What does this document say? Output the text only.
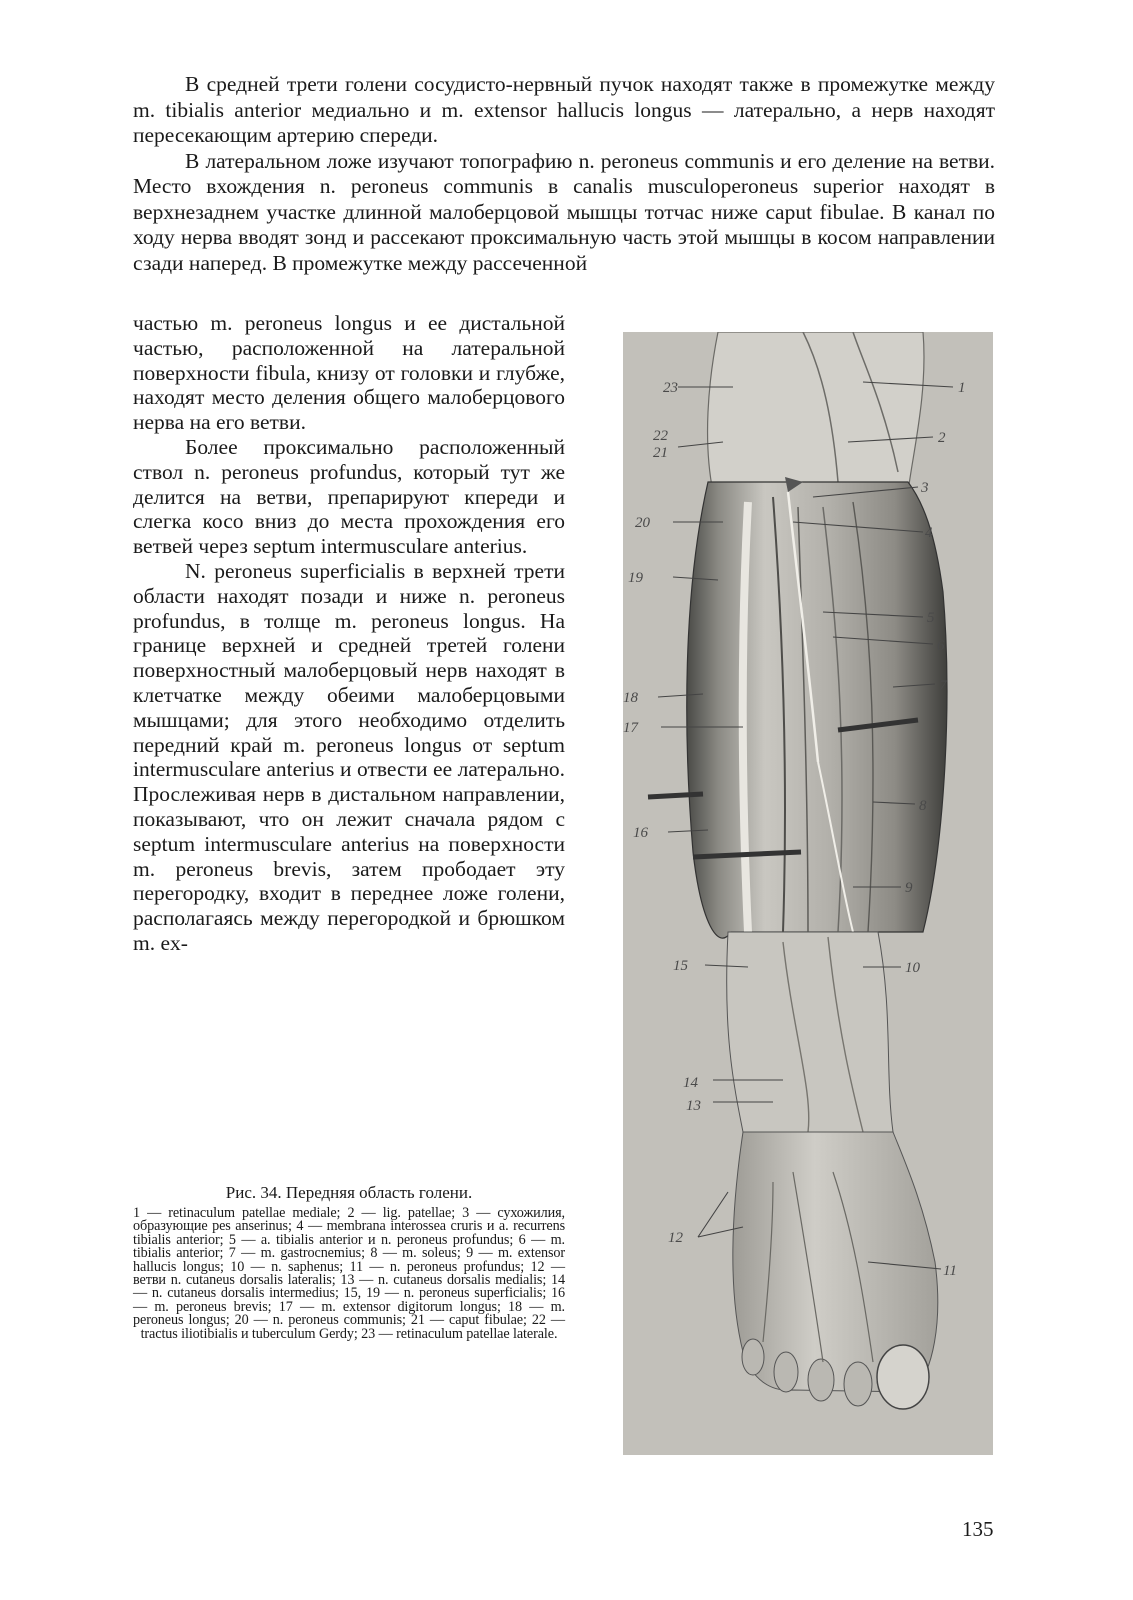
В средней трети голени сосудисто-нервный пучок находят также в промежутке между m. tibialis anterior медиально и m. extensor hallucis longus — латерально, а нерв находят пересекающим артерию спереди.

В латеральном ложе изучают топографию n. peroneus communis и его деление на ветви. Место вхождения n. peroneus communis в canalis musculoperoneus superior находят в верхнезаднем участке длинной малоберцовой мышцы тотчас ниже caput fibulae. В канал по ходу нерва вводят зонд и рассекают проксимальную часть этой мышцы в косом направлении сзади наперед. В промежутке между рассеченной

частью m. peroneus longus и ее дистальной частью, расположенной на латеральной поверхности fibula, книзу от головки и глубже, находят место деления общего малоберцового нерва на его ветви.

Более проксимально расположенный ствол n. peroneus profundus, который тут же делится на ветви, препарируют кпереди и слегка косо вниз до места прохождения его ветвей через septum intermusculare anterius.

N. peroneus superficialis в верхней трети области находят позади и ниже n. peroneus profundus, в толще m. peroneus longus. На границе верхней и средней третей голени поверхностный малоберцовый нерв находят в клетчатке между обеими малоберцовыми мышцами; для этого необходимо отделить передний край m. peroneus longus от septum intermusculare anterius и отвести ее латерально. Прослеживая нерв в дистальном направлении, показывают, что он лежит сначала рядом с septum intermusculare anterius на поверхности m. peroneus brevis, затем прободает эту перегородку, входит в переднее ложе голени, располагаясь между перегородкой и брюшком m. ex-

1
2
3
4
5
6
7
8
9
10
11
12
13
14
15
16
17
18
19
20
21
22
23
Рис. 34. Передняя область голени.
1 — retinaculum patellae mediale; 2 — lig. patellae; 3 — сухожилия, образующие pes anserinus; 4 — membrana interossea cruris и a. recurrens tibialis anterior; 5 — a. tibialis anterior и n. peroneus profundus; 6 — m. tibialis anterior; 7 — m. gastrocnemius; 8 — m. soleus; 9 — m. extensor hallucis longus; 10 — n. saphenus; 11 — n. peroneus profundus; 12 — ветви n. cutaneus dorsalis lateralis; 13 — n. cutaneus dorsalis medialis; 14 — n. cutaneus dorsalis intermedius; 15, 19 — n. peroneus superficialis; 16 — m. peroneus brevis; 17 — m. extensor digitorum longus; 18 — m. peroneus longus; 20 — n. peroneus communis; 21 — caput fibulae; 22 — tractus iliotibialis и tuberculum Gerdy; 23 — retinaculum patellae laterale.
135
